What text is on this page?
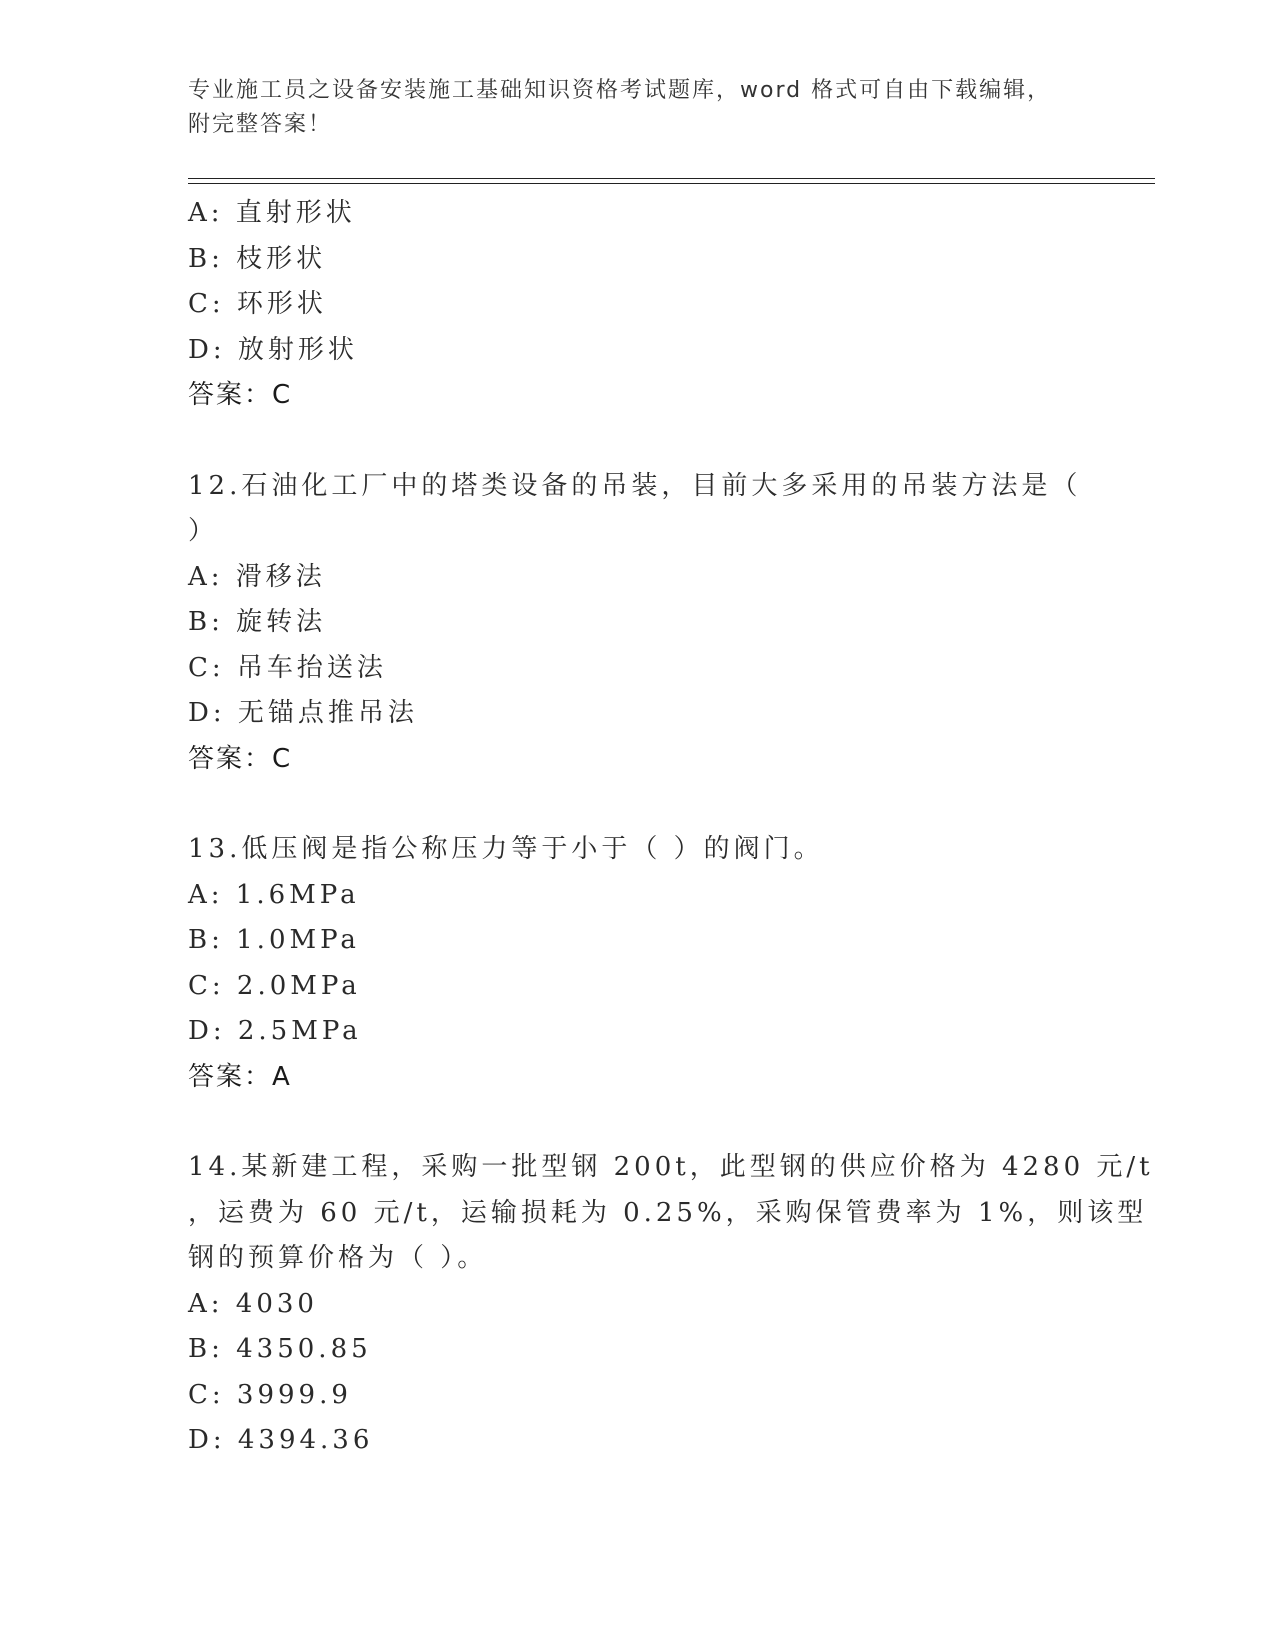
专业施工员之设备安装施工基础知识资格考试题库，word 格式可自由下载编辑，
附完整答案！
A: 直射形状
B: 枝形状
C: 环形状
D: 放射形状
答案：C
12.石油化工厂中的塔类设备的吊装，目前大多采用的吊装方法是（
）
A: 滑移法
B: 旋转法
C: 吊车抬送法
D: 无锚点推吊法
答案：C
13.低压阀是指公称压力等于小于（ ）的阀门。
A: 1.6MPa
B: 1.0MPa
C: 2.0MPa
D: 2.5MPa
答案：A
14.某新建工程，采购一批型钢 200t，此型钢的供应价格为 4280 元/t
，运费为 60 元/t，运输损耗为 0.25%，采购保管费率为 1%，则该型
钢的预算价格为（ ）。
A: 4030
B: 4350.85
C: 3999.9
D: 4394.36
